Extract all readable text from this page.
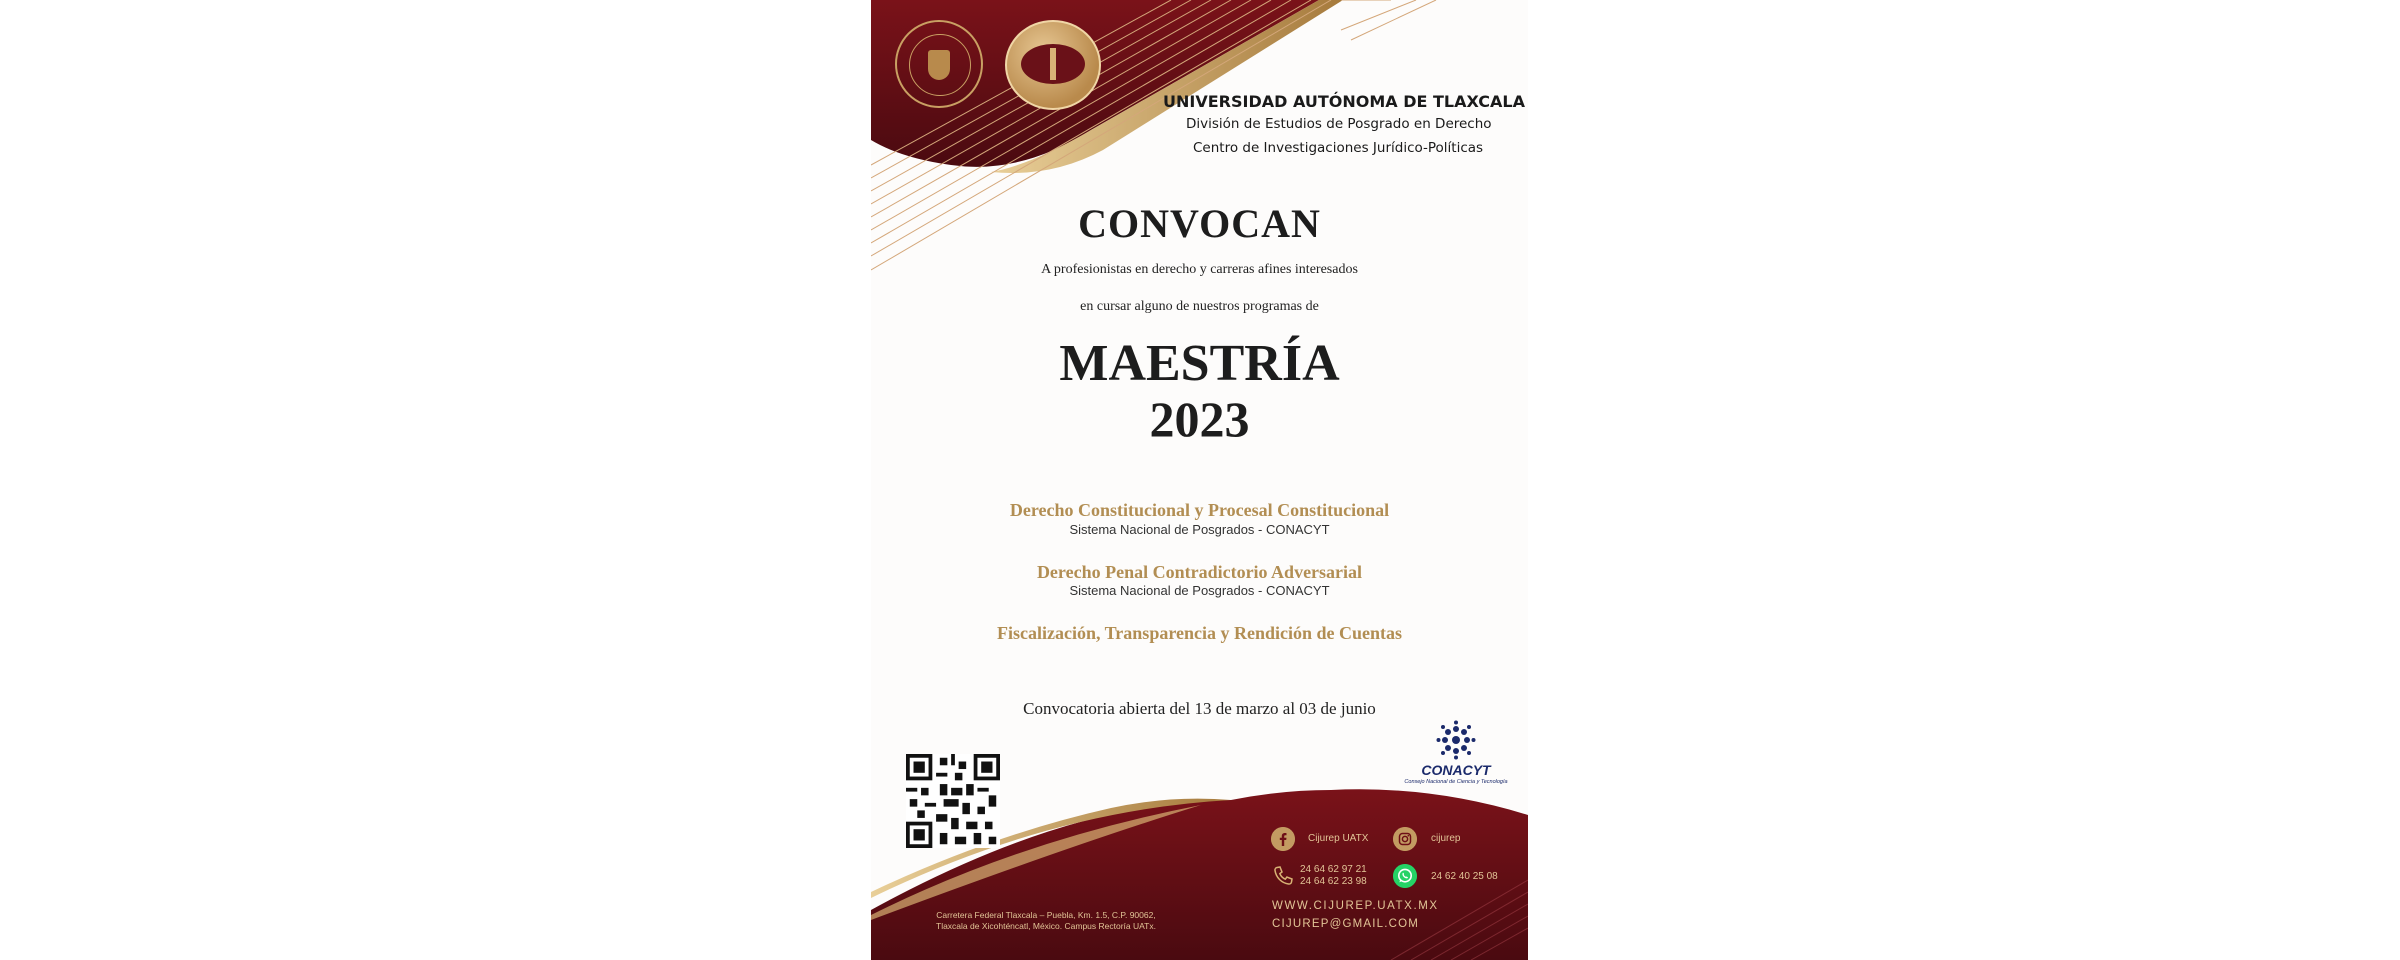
UNIVERSIDAD AUTÓNOMA DE TLAXCALA

División de Estudios de Posgrado en Derecho

Centro de Investigaciones Jurídico-Políticas

CONVOCAN

A profesionistas en derecho y carreras afines interesados

en cursar alguno de nuestros programas de

MAESTRÍA

2023

Derecho Constitucional y Procesal Constitucional

Sistema Nacional de Posgrados - CONACYT

Derecho Penal Contradictorio Adversarial

Sistema Nacional de Posgrados - CONACYT

Fiscalización, Transparencia y Rendición de Cuentas

Convocatoria abierta del 13 de marzo al 03 de junio

CONACYT
Consejo Nacional de Ciencia y Tecnología
Cijurep UATX	cijurep
24 64 62 97 21
24 64 62 23 98	24 62 40 25 08
WWW.CIJUREP.UATX.MX
CIJUREP@GMAIL.COM
Carretera Federal Tlaxcala – Puebla, Km. 1.5, C.P. 90062,
Tlaxcala de Xicohténcatl, México. Campus Rectoría UATx.
